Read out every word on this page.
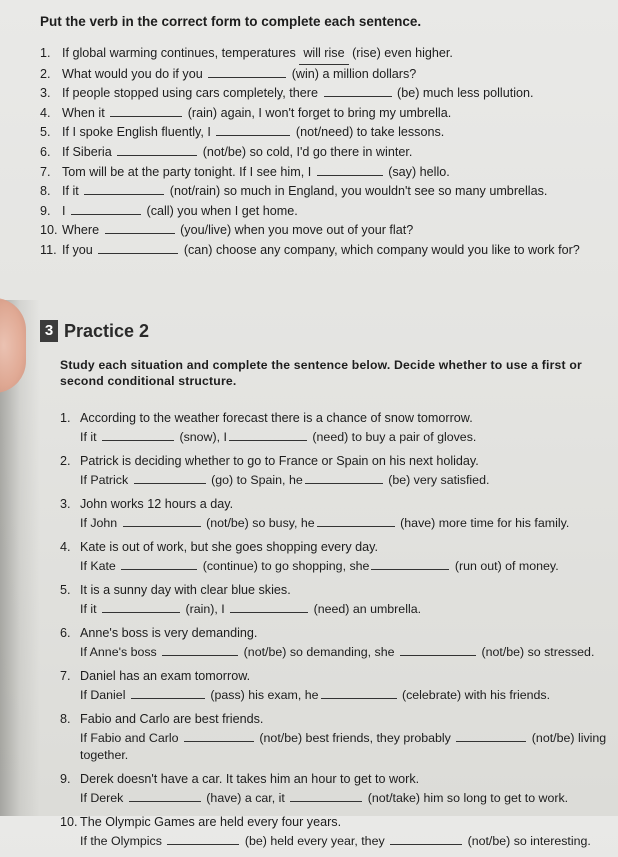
Put the verb in the correct form to complete each sentence.
1. If global warming continues, temperatures will rise (rise) even higher.
2. What would you do if you	(win) a million dollars?
3. If people stopped using cars completely, there	(be) much less pollution.
4. When it	(rain) again, I won't forget to bring my umbrella.
5. If I spoke English fluently, I	(not/need) to take lessons.
6. If Siberia	(not/be) so cold, I'd go there in winter.
7. Tom will be at the party tonight. If I see him, I	(say) hello.
8. If it	(not/rain) so much in England, you wouldn't see so many umbrellas.
9. I	(call) you when I get home.
10. Where	(you/live) when you move out of your flat?
11. If you	(can) choose any company, which company would you like to work for?
3 Practice 2
Study each situation and complete the sentence below. Decide whether to use a first or second conditional structure.
1. According to the weather forecast there is a chance of snow tomorrow.
If it	(snow), I	(need) to buy a pair of gloves.
2. Patrick is deciding whether to go to France or Spain on his next holiday.
If Patrick	(go) to Spain, he	(be) very satisfied.
3. John works 12 hours a day.
If John	(not/be) so busy, he	(have) more time for his family.
4. Kate is out of work, but she goes shopping every day.
If Kate	(continue) to go shopping, she	(run out) of money.
5. It is a sunny day with clear blue skies.
If it	(rain), I	(need) an umbrella.
6. Anne's boss is very demanding.
If Anne's boss	(not/be) so demanding, she	(not/be) so stressed.
7. Daniel has an exam tomorrow.
If Daniel	(pass) his exam, he	(celebrate) with his friends.
8. Fabio and Carlo are best friends.
If Fabio and Carlo	(not/be) best friends, they probably	(not/be) living
together.
9. Derek doesn't have a car. It takes him an hour to get to work.
If Derek	(have) a car, it	(not/take) him so long to get to work.
10. The Olympic Games are held every four years.
If the Olympics	(be) held every year, they	(not/be) so interesting.
